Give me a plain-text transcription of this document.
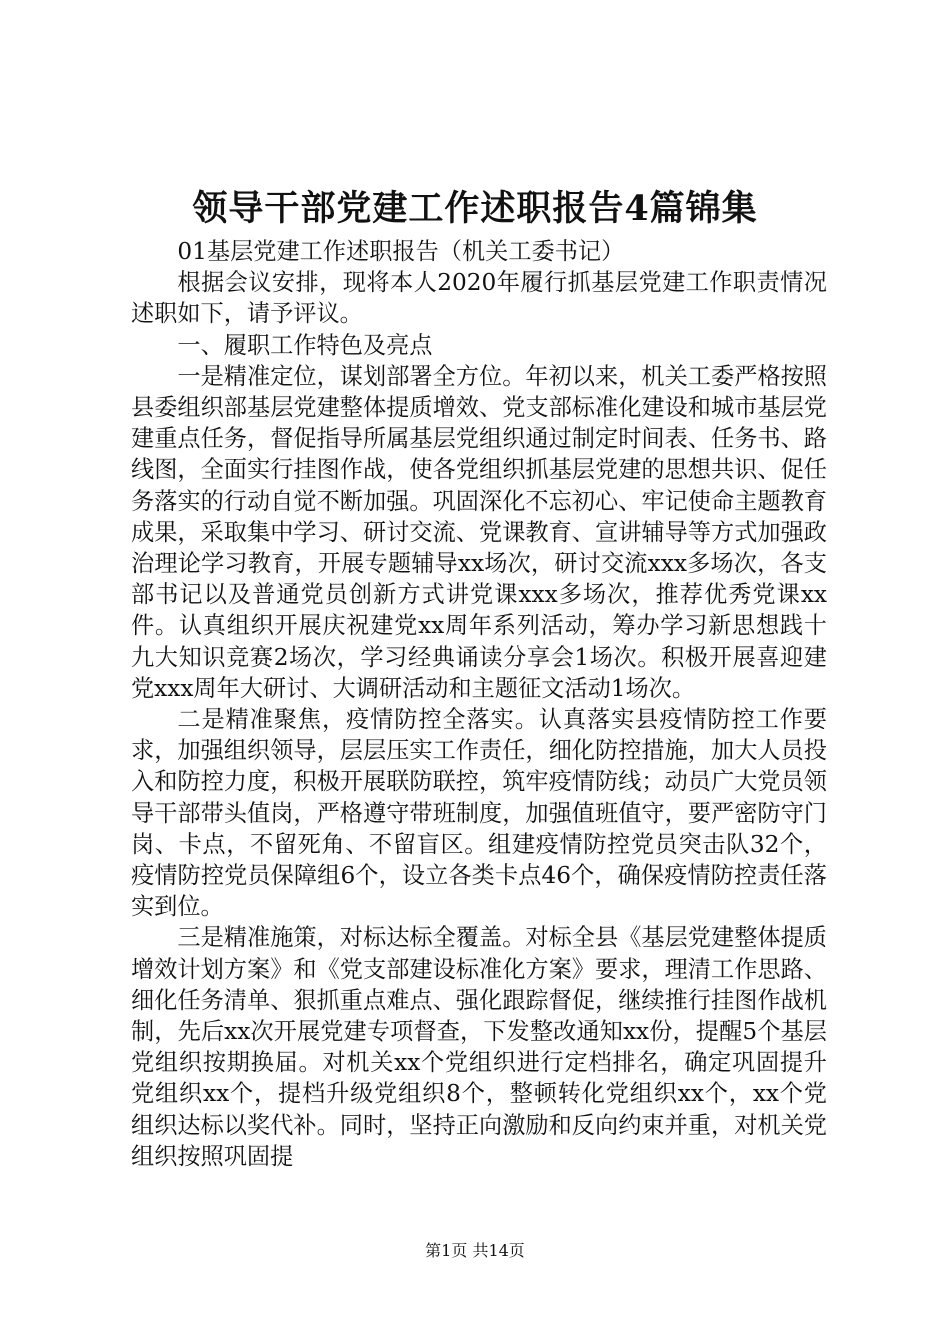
领导干部党建工作述职报告4篇锦集

01基层党建工作述职报告（机关工委书记）

根据会议安排，现将本人2020年履行抓基层党建工作职责情况述职如下，请予评议。

一、履职工作特色及亮点

一是精准定位，谋划部署全方位。年初以来，机关工委严格按照县委组织部基层党建整体提质增效、党支部标准化建设和城市基层党建重点任务，督促指导所属基层党组织通过制定时间表、任务书、路线图，全面实行挂图作战，使各党组织抓基层党建的思想共识、促任务落实的行动自觉不断加强。巩固深化不忘初心、牢记使命主题教育成果，采取集中学习、研讨交流、党课教育、宣讲辅导等方式加强政治理论学习教育，开展专题辅导xx场次，研讨交流xxx多场次，各支部书记以及普通党员创新方式讲党课xxx多场次，推荐优秀党课xx件。认真组织开展庆祝建党xx周年系列活动，筹办学习新思想践十九大知识竞赛2场次，学习经典诵读分享会1场次。积极开展喜迎建党xxx周年大研讨、大调研活动和主题征文活动1场次。

二是精准聚焦，疫情防控全落实。认真落实县疫情防控工作要求，加强组织领导，层层压实工作责任，细化防控措施，加大人员投入和防控力度，积极开展联防联控，筑牢疫情防线；动员广大党员领导干部带头值岗，严格遵守带班制度，加强值班值守，要严密防守门岗、卡点，不留死角、不留盲区。组建疫情防控党员突击队32个，疫情防控党员保障组6个，设立各类卡点46个，确保疫情防控责任落实到位。

三是精准施策，对标达标全覆盖。对标全县《基层党建整体提质增效计划方案》和《党支部建设标准化方案》要求，理清工作思路、细化任务清单、狠抓重点难点、强化跟踪督促，继续推行挂图作战机制，先后xx次开展党建专项督查，下发整改通知xx份，提醒5个基层党组织按期换届。对机关xx个党组织进行定档排名，确定巩固提升党组织xx个，提档升级党组织8个，整顿转化党组织xx个，xx个党组织达标以奖代补。同时，坚持正向激励和反向约束并重，对机关党组织按照巩固提

第1页 共14页
